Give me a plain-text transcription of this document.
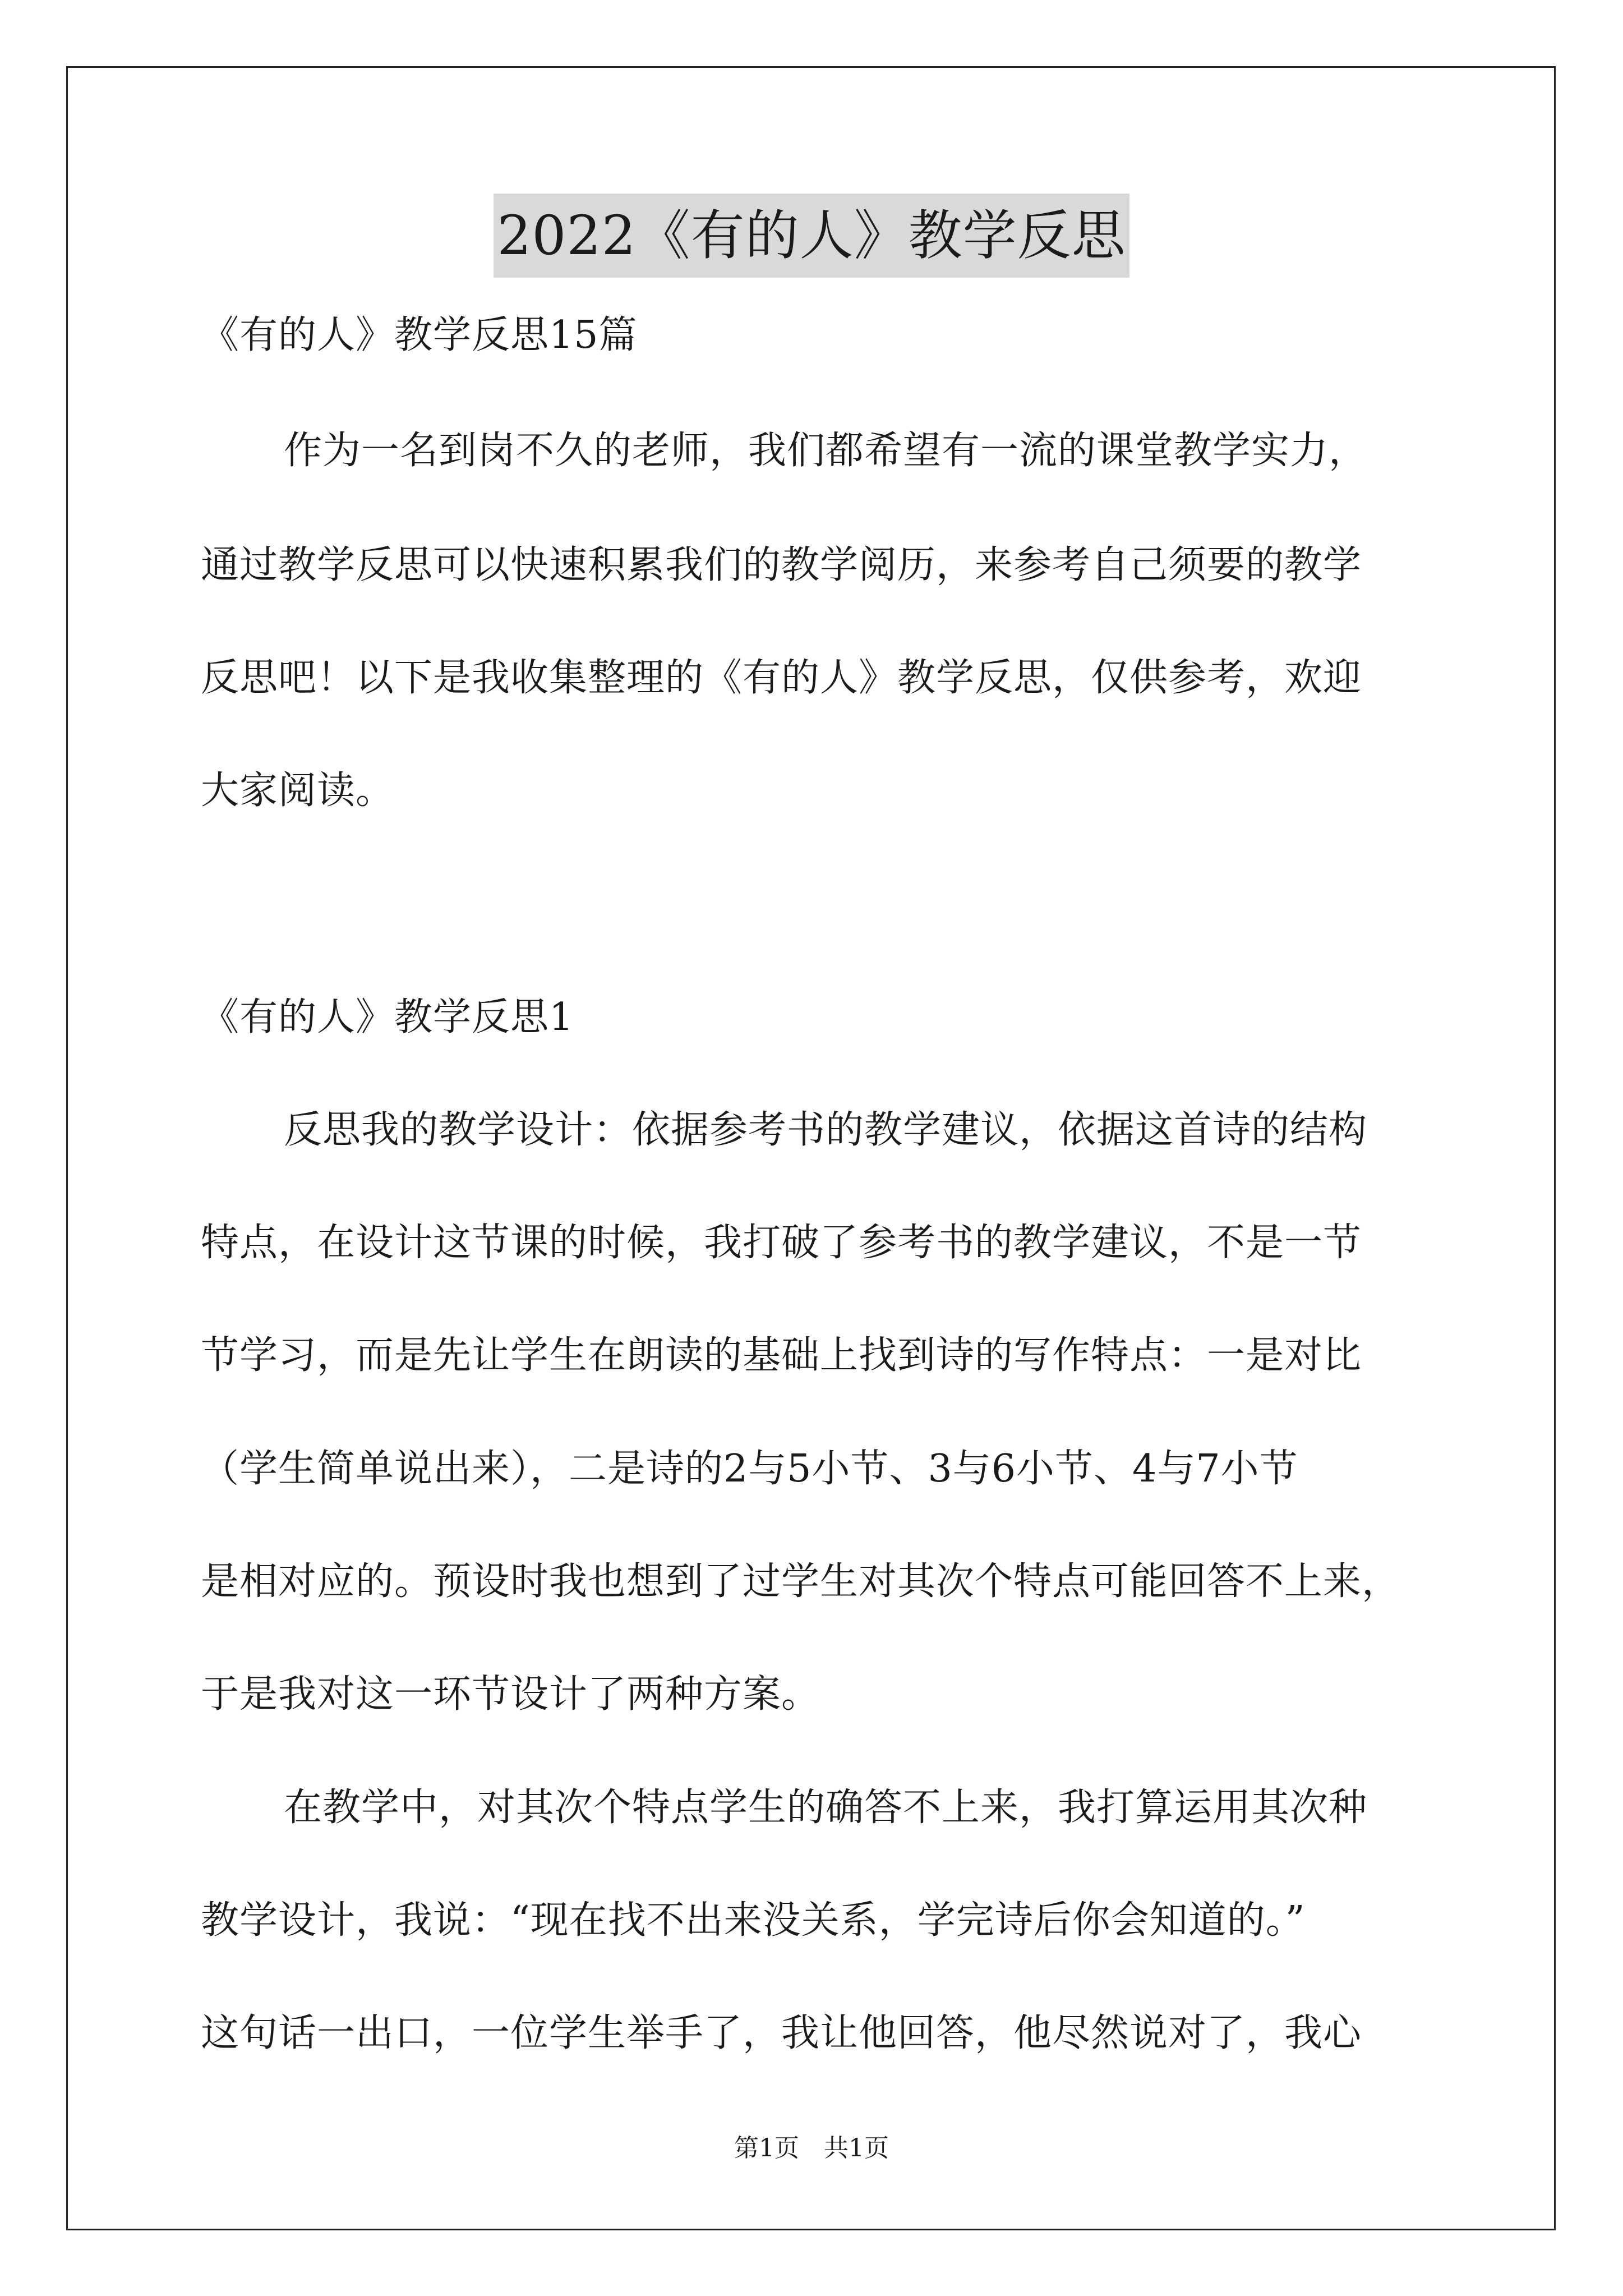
2022《有的人》教学反思
《有的人》教学反思15篇
作为一名到岗不久的老师，我们都希望有一流的课堂教学实力，
通过教学反思可以快速积累我们的教学阅历，来参考自己须要的教学
反思吧！以下是我收集整理的《有的人》教学反思，仅供参考，欢迎
大家阅读。
《有的人》教学反思1
反思我的教学设计：依据参考书的教学建议，依据这首诗的结构
特点，在设计这节课的时候，我打破了参考书的教学建议，不是一节
节学习，而是先让学生在朗读的基础上找到诗的写作特点：一是对比
（学生简单说出来），二是诗的2与5小节、3与6小节、4与7小节
是相对应的。预设时我也想到了过学生对其次个特点可能回答不上来，
于是我对这一环节设计了两种方案。
在教学中，对其次个特点学生的确答不上来，我打算运用其次种
教学设计，我说：“现在找不出来没关系，学完诗后你会知道的。”
这句话一出口，一位学生举手了，我让他回答，他尽然说对了，我心
第1页　共1页
